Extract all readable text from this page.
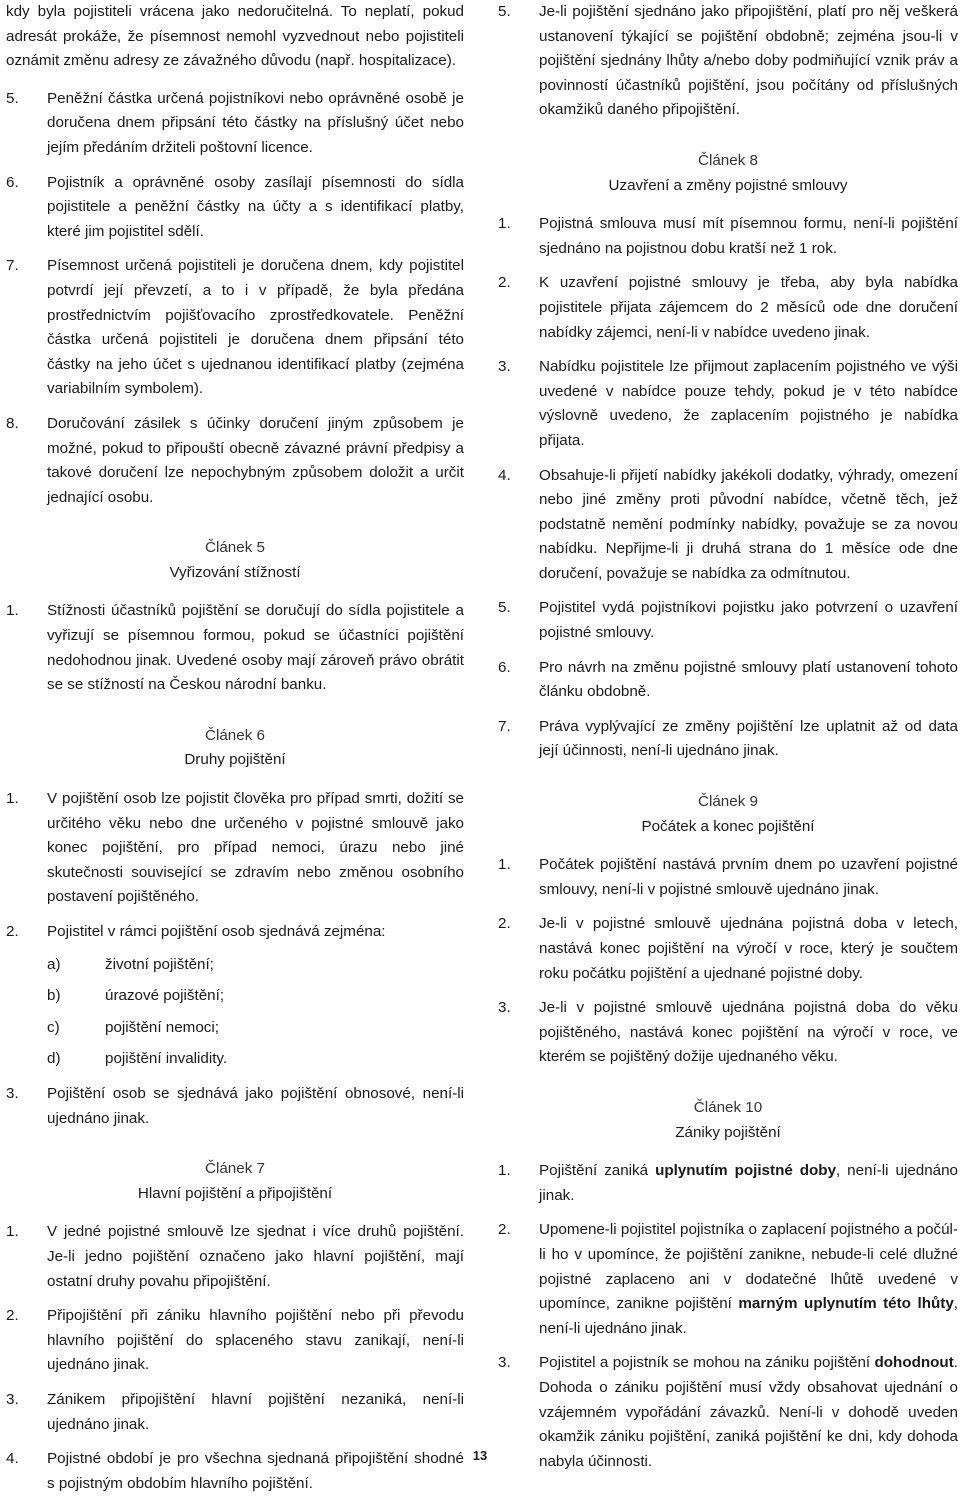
kdy byla pojistiteli vrácena jako nedoručitelná. To neplatí, pokud adresát prokáže, že písemnost nemohl vyzvednout nebo pojistiteli oznámit změnu adresy ze závažného důvodu (např. hospitalizace).

5. Peněžní částka určená pojistníkovi nebo oprávněné osobě je doručena dnem připsání této částky na příslušný účet nebo jejím předáním držiteli poštovní licence.
6. Pojistník a oprávněné osoby zasílají písemnosti do sídla pojistitele a peněžní částky na účty a s identifikací platby, které jim pojistitel sdělí.
7. Písemnost určená pojistiteli je doručena dnem, kdy pojistitel potvrdí její převzetí, a to i v případě, že byla předána prostřednictvím pojišťovacího zprostředkovatele. Peněžní částka určená pojistiteli je doručena dnem připsání této částky na jeho účet s ujednanou identifikací platby (zejména variabilním symbolem).
8. Doručování zásilek s účinky doručení jiným způsobem je možné, pokud to připouští obecně závazné právní předpisy a takové doručení lze nepochybným způsobem doložit a určit jednající osobu.
Článek 5
Vyřizování stížností
1. Stížnosti účastníků pojištění se doručují do sídla pojistitele a vyřizují se písemnou formou, pokud se účastníci pojištění nedohodnou jinak. Uvedené osoby mají zároveň právo obrátit se se stížností na Českou národní banku.
Článek 6
Druhy pojištění
1. V pojištění osob lze pojistit člověka pro případ smrti, dožití se určitého věku nebo dne určeného v pojistné smlouvě jako konec pojištění, pro případ nemoci, úrazu nebo jiné skutečnosti související se zdravím nebo změnou osobního postavení pojištěného.
2. Pojistitel v rámci pojištění osob sjednává zejména:
a)	životní pojištění;
b)	úrazové pojištění;
c)	pojištění nemoci;
d)	pojištění invalidity.
3. Pojištění osob se sjednává jako pojištění obnosové, není-li ujednáno jinak.
Článek 7
Hlavní pojištění a připojištění
1. V jedné pojistné smlouvě lze sjednat i více druhů pojištění. Je-li jedno pojištění označeno jako hlavní pojištění, mají ostatní druhy povahu připojištění.
2. Připojištění při zániku hlavního pojištění nebo při převodu hlavního pojištění do splaceného stavu zanikají, není-li ujednáno jinak.
3. Zánikem připojištění hlavní pojištění nezaniká, není-li ujednáno jinak.
4. Pojistné období je pro všechna sjednaná připojištění shodné s pojistným obdobím hlavního pojištění.
5. Je-li pojištění sjednáno jako připojištění, platí pro něj veškerá ustanovení týkající se pojištění obdobně; zejména jsou-li v pojištění sjednány lhůty a/nebo doby podmiňující vznik práv a povinností účastníků pojištění, jsou počítány od příslušných okamžiků daného připojištění.
Článek 8
Uzavření a změny pojistné smlouvy
1. Pojistná smlouva musí mít písemnou formu, není-li pojištění sjednáno na pojistnou dobu kratší než 1 rok.
2. K uzavření pojistné smlouvy je třeba, aby byla nabídka pojistitele přijata zájemcem do 2 měsíců ode dne doručení nabídky zájemci, není-li v nabídce uvedeno jinak.
3. Nabídku pojistitele lze přijmout zaplacením pojistného ve výši uvedené v nabídce pouze tehdy, pokud je v této nabídce výslovně uvedeno, že zaplacením pojistného je nabídka přijata.
4. Obsahuje-li přijetí nabídky jakékoli dodatky, výhrady, omezení nebo jiné změny proti původní nabídce, včetně těch, jež podstatně nemění podmínky nabídky, považuje se za novou nabídku. Nepřijme-li ji druhá strana do 1 měsíce ode dne doručení, považuje se nabídka za odmítnutou.
5. Pojistitel vydá pojistníkovi pojistku jako potvrzení o uzavření pojistné smlouvy.
6. Pro návrh na změnu pojistné smlouvy platí ustanovení tohoto článku obdobně.
7. Práva vyplývající ze změny pojištění lze uplatnit až od data její účinnosti, není-li ujednáno jinak.
Článek 9
Počátek a konec pojištění
1. Počátek pojištění nastává prvním dnem po uzavření pojistné smlouvy, není-li v pojistné smlouvě ujednáno jinak.
2. Je-li v pojistné smlouvě ujednána pojistná doba v letech, nastává konec pojištění na výročí v roce, který je součtem roku počátku pojištění a ujednané pojistné doby.
3. Je-li v pojistné smlouvě ujednána pojistná doba do věku pojištěného, nastává konec pojištění na výročí v roce, ve kterém se pojištěný dožije ujednaného věku.
Článek 10
Zániky pojištění
1. Pojištění zaniká uplynutím pojistné doby, není-li ujednáno jinak.
2. Upomene-li pojistitel pojistníka o zaplacení pojistného a počúl-li ho v upomínce, že pojištění zanikne, nebude-li celé dlužné pojistné zaplaceno ani v dodatečné lhůtě uvedené v upomínce, zanikne pojištění marným uplynutím této lhůty, není-li ujednáno jinak.
3. Pojistitel a pojistník se mohou na zániku pojištění dohodnout. Dohoda o zániku pojištění musí vždy obsahovat ujednání o vzájemném vypořádání závazků. Není-li v dohodě uveden okamžik zániku pojištění, zaniká pojištění ke dni, kdy dohoda nabyla účinnosti.
13
